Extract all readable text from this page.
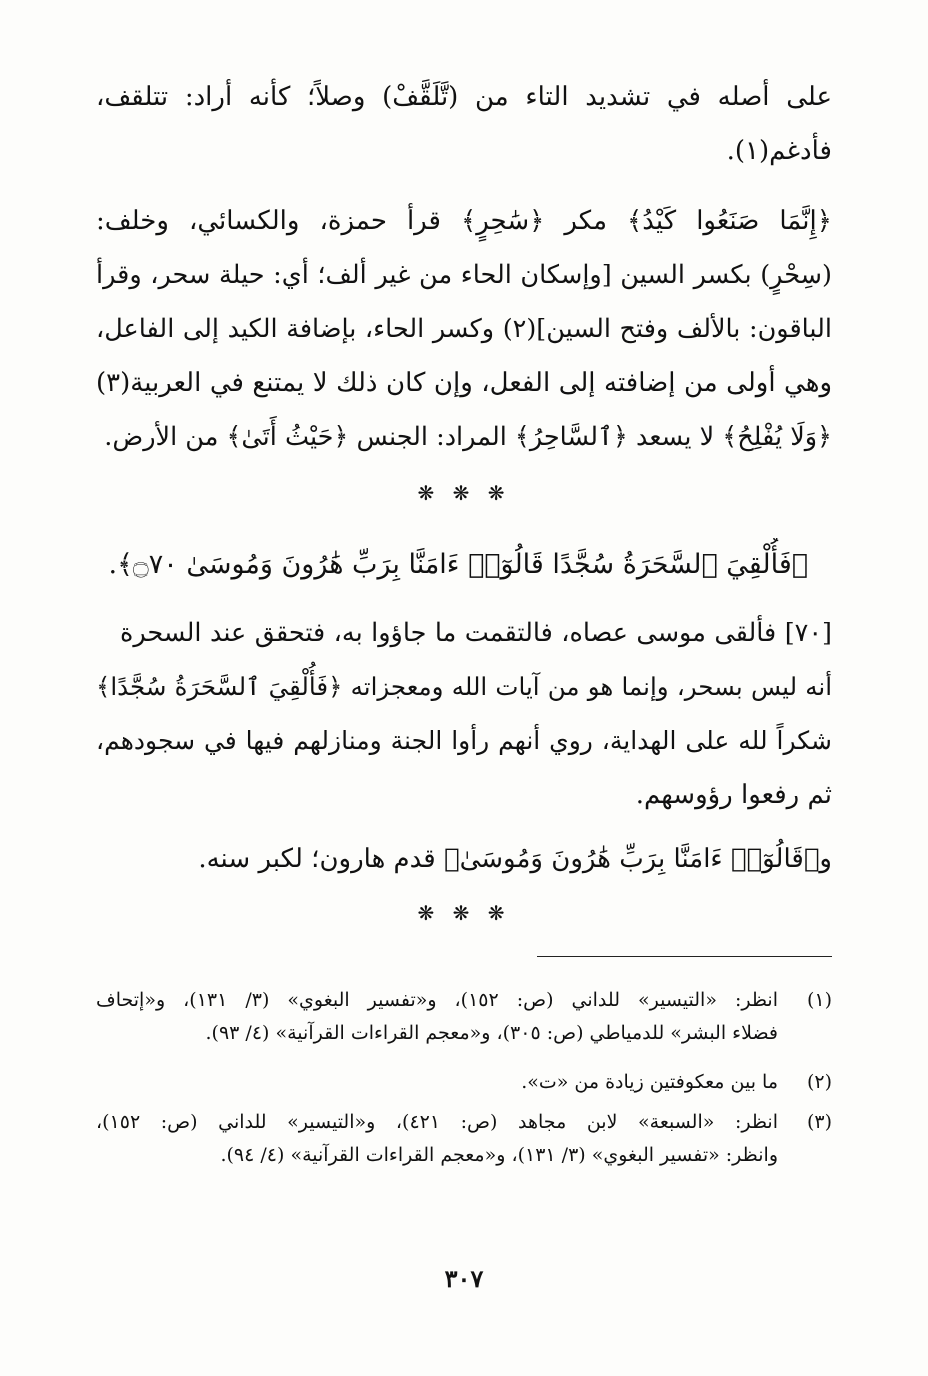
على أصله في تشديد التاء من (تَّلَقَّفْ) وصلاً؛ كأنه أراد: تتلقف،
فأدغم(١).
﴿إِنَّمَا صَنَعُوا كَيْدُ﴾ مكر ﴿سَٰحِرٍ﴾ قرأ حمزة، والكسائي، وخلف:
(سِحْرٍ) بكسر السين [وإسكان الحاء من غير ألف؛ أي: حيلة سحر، وقرأ
الباقون: بالألف وفتح السين](٢) وكسر الحاء، بإضافة الكيد إلى الفاعل،
وهي أولى من إضافته إلى الفعل، وإن كان ذلك لا يمتنع في العربية(٣)
﴿وَلَا يُفْلِحُ﴾ لا يسعد ﴿ٱلسَّاحِرُ﴾ المراد: الجنس ﴿حَيْثُ أَتَىٰ﴾ من الأرض.
❋ ❋ ❋
﴿فَأُلْقِيَ ٱلسَّحَرَةُ سُجَّدًا قَالُوٓا۟ ءَامَنَّا بِرَبِّ هَٰرُونَ وَمُوسَىٰ ۝٧٠﴾.
[٧٠] فألقى موسى عصاه، فالتقمت ما جاؤوا به، فتحقق عند السحرة
أنه ليس بسحر، وإنما هو من آيات الله ومعجزاته ﴿فَأُلْقِيَ ٱلسَّحَرَةُ سُجَّدًا﴾
شكراً لله على الهداية، روي أنهم رأوا الجنة ومنازلهم فيها في سجودهم،
ثم رفعوا رؤوسهم.
و﴿قَالُوٓا۟ ءَامَنَّا بِرَبِّ هَٰرُونَ وَمُوسَىٰ﴾ قدم هارون؛ لكبر سنه.
❋ ❋ ❋
(١)
انظر: «التيسير» للداني (ص: ١٥٢)، و«تفسير البغوي» (٣/ ١٣١)، و«إتحاف
فضلاء البشر» للدمياطي (ص: ٣٠٥)، و«معجم القراءات القرآنية» (٤/ ٩٣).
(٢)
ما بين معكوفتين زيادة من «ت».
(٣)
انظر: «السبعة» لابن مجاهد (ص: ٤٢١)، و«التيسير» للداني (ص: ١٥٢)،
وانظر: «تفسير البغوي» (٣/ ١٣١)، و«معجم القراءات القرآنية» (٤/ ٩٤).
٣٠٧
